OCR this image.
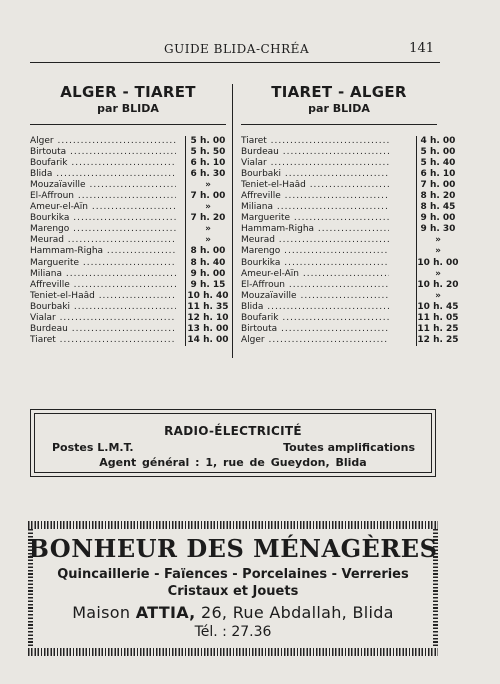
GUIDE BLIDA-CHRÉA	141
ALGER - TIARET
par BLIDA
Alger .....	5 h. 00
Birtouta .....	5 h. 50
Boufarik .....	6 h. 10
Blida .....	6 h. 30
Mouzaïaville .....	»
El-Affroun .....	7 h. 00
Ameur-el-Aïn .....	»
Bourkika .....	7 h. 20
Marengo .....	»
Meurad .....	»
Hammam-Righa .....	8 h. 00
Marguerite .....	8 h. 40
Miliana .....	9 h. 00
Affreville .....	9 h. 15
Teniet-el-Haâd .....	10 h. 40
Bourbaki .....	11 h. 35
Vialar .....	12 h. 10
Burdeau .....	13 h. 00
Tiaret .....	14 h. 00
TIARET - ALGER
par BLIDA
Tiaret .....	4 h. 00
Burdeau .....	5 h. 00
Vialar .....	5 h. 40
Bourbaki .....	6 h. 10
Teniet-el-Haâd .....	7 h. 00
Affreville .....	8 h. 20
Miliana .....	8 h. 45
Marguerite .....	9 h. 00
Hammam-Righa .....	9 h. 30
Meurad .....	»
Marengo .....	»
Bourkika .....	10 h. 00
Ameur-el-Aïn .....	»
El-Affroun .....	10 h. 20
Mouzaïaville .....	»
Blida .....	10 h. 45
Boufarik .....	11 h. 05
Birtouta .....	11 h. 25
Alger .....	12 h. 25
RADIO-ÉLECTRICITÉ
Postes L.M.T.	Toutes amplifications
Agent général : 1, rue de Gueydon, Blida
BONHEUR DES MÉNAGÈRES
Quincaillerie - Faïences - Porcelaines - Verreries
Cristaux et Jouets
Maison ATTIA, 26, Rue Abdallah, Blida
Tél. : 27.36
